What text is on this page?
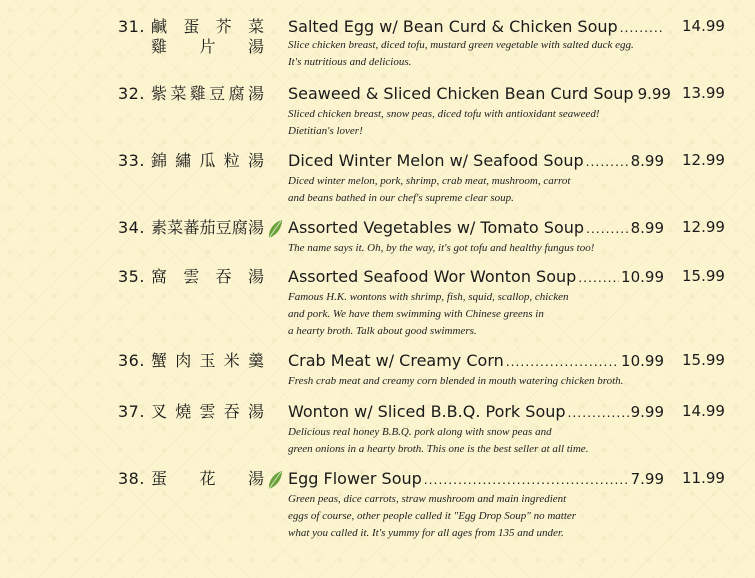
31. 鹹 蛋 芥 菜
雞 片 湯
Salted Egg w/ Bean Curd & Chicken Soup .....	14.99
Slice chicken breast, diced tofu, mustard green vegetable with salted duck egg.
It's nutritious and delicious.
32. 紫 菜 雞 豆 腐 湯 Seaweed & Sliced Chicken Bean Curd Soup 9.99 13.99
Sliced chicken breast, snow peas, diced tofu with antioxidant seaweed!
Dietitian's lover!
33. 錦 繡 瓜 粒 湯 Diced Winter Melon w/ Seafood Soup .....	8.99 12.99
Diced winter melon, pork, shrimp, crab meat, mushroom, carrot
and beans bathed in our chef's supreme clear soup.
34. 素 菜 蕃 茄 豆 腐 湯 Assorted Vegetables w/ Tomato Soup .....	8.99 12.99
The name says it. Oh, by the way, it's got tofu and healthy fungus too!
35. 窩 雲 吞 湯 Assorted Seafood Wor Wonton Soup .....	10.99 15.99
Famous H.K. wontons with shrimp, fish, squid, scallop, chicken
and pork. We have them swimming with Chinese greens in
a hearty broth. Talk about good swimmers.
36. 蟹 肉 玉 米 羹 Crab Meat w/ Creamy Corn .....	10.99 15.99
Fresh crab meat and creamy corn blended in mouth watering chicken broth.
37. 叉 燒 雲 吞 湯 Wonton w/ Sliced B.B.Q. Pork Soup .....	9.99 14.99
Delicious real honey B.B.Q. pork along with snow peas and
green onions in a hearty broth. This one is the best seller at all time.
38. 蛋 花 湯 Egg Flower Soup .....	7.99 11.99
Green peas, dice carrots, straw mushroom and main ingredient
eggs of course, other people called it "Egg Drop Soup" no matter
what you called it. It's yummy for all ages from 135 and under.
